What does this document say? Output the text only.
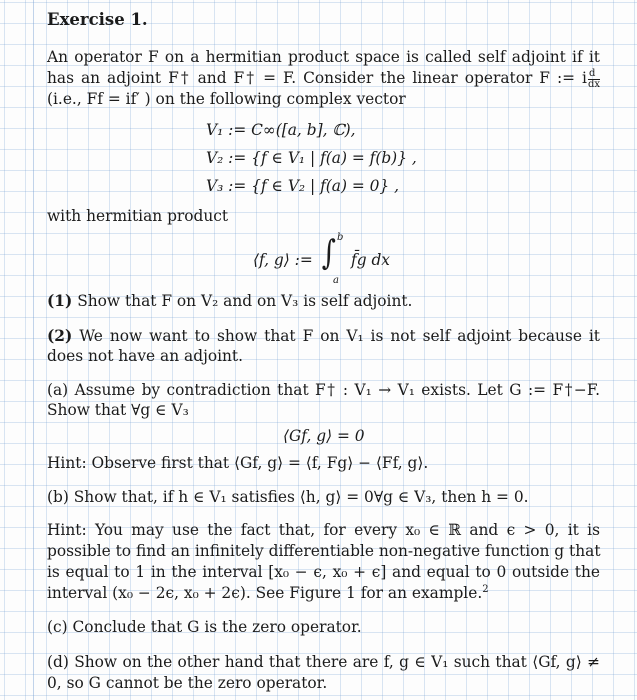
Exercise 1.
An operator F on a hermitian product space is called self adjoint if it
has an adjoint F† and F† = F. Consider the linear operator F := i $\frac{d}{dx}$
(i.e., Ff = if′ ) on the following complex vector
V₁ := C∞([a, b], ℂ),
V₂ := {f ∈ V₁ | f(a) = f(b)} ,
V₃ := {f ∈ V₂ | f(a) = 0} ,
with hermitian product
⟨f, g⟩ := ∫ b
a
f̄g dx
(1) Show that F on V₂ and on V₃ is self adjoint.
(2) We now want to show that F on V₁ is not self adjoint because it
does not have an adjoint.
(a) Assume by contradiction that F† : V₁ → V₁ exists. Let G := F†−F.
Show that ∀g ∈ V₃
⟨Gf, g⟩ = 0
Hint: Observe first that ⟨Gf, g⟩ = ⟨f, Fg⟩ − ⟨Ff, g⟩.
(b) Show that, if h ∈ V₁ satisfies ⟨h, g⟩ = 0∀g ∈ V₃, then h = 0.
Hint: You may use the fact that, for every x₀ ∈ ℝ and ϵ > 0, it is
possible to find an infinitely differentiable non-negative function g that
is equal to 1 in the interval [x₀ − ϵ, x₀ + ϵ] and equal to 0 outside the
interval (x₀ − 2ϵ, x₀ + 2ϵ). See Figure 1 for an example.$^2$
(c) Conclude that G is the zero operator.
(d) Show on the other hand that there are f, g ∈ V₁ such that ⟨Gf, g⟩ ≠
0, so G cannot be the zero operator.
